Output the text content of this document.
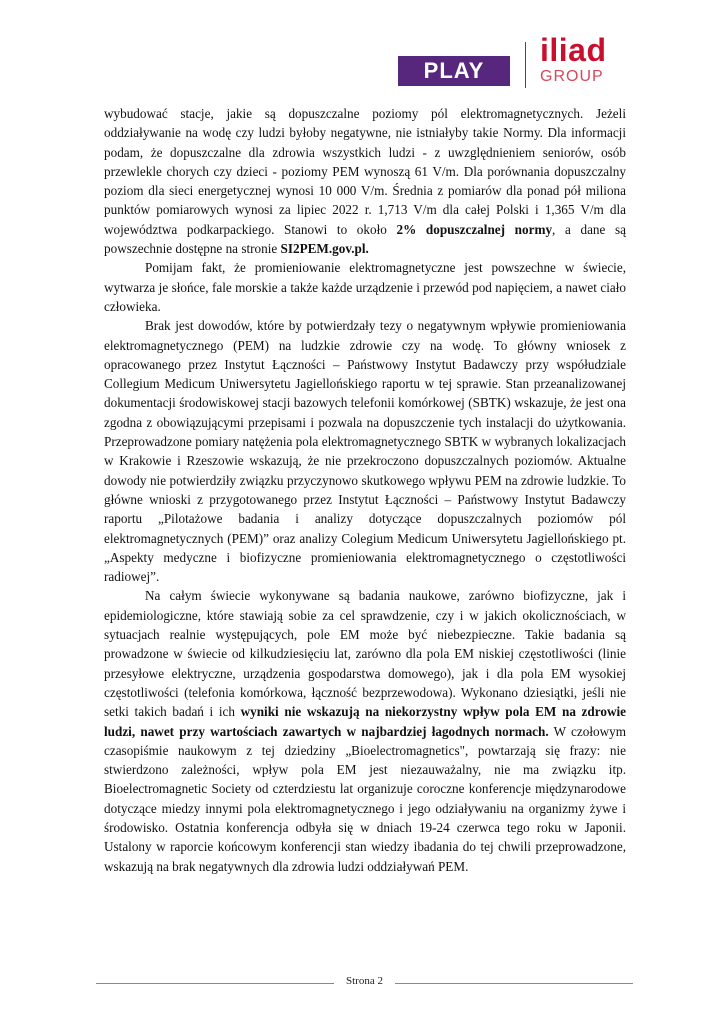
PLAY
iliad
GROUP

wybudować stacje, jakie są dopuszczalne poziomy pól elektromagnetycznych. Jeżeli oddziaływanie na wodę czy ludzi byłoby negatywne, nie istniałyby takie Normy. Dla informacji podam, że dopuszczalne dla zdrowia wszystkich ludzi - z uwzględnieniem seniorów, osób przewlekle chorych czy dzieci - poziomy PEM wynoszą 61 V/m. Dla porównania dopuszczalny poziom dla sieci energetycznej wynosi 10 000 V/m. Średnia z pomiarów dla ponad pół miliona punktów pomiarowych wynosi za lipiec 2022 r. 1,713 V/m dla całej Polski i 1,365 V/m dla województwa podkarpackiego. Stanowi to około 2% dopuszczalnej normy, a dane są powszechnie dostępne na stronie SI2PEM.gov.pl.

Pomijam fakt, że promieniowanie elektromagnetyczne jest powszechne w świecie, wytwarza je słońce, fale morskie a także każde urządzenie i przewód pod napięciem, a nawet ciało człowieka.

Brak jest dowodów, które by potwierdzały tezy o negatywnym wpływie promieniowania elektromagnetycznego (PEM) na ludzkie zdrowie czy na wodę. To główny wniosek z opracowanego przez Instytut Łączności – Państwowy Instytut Badawczy przy współudziale Collegium Medicum Uniwersytetu Jagiellońskiego raportu w tej sprawie. Stan przeanalizowanej dokumentacji środowiskowej stacji bazowych telefonii komórkowej (SBTK) wskazuje, że jest ona zgodna z obowiązującymi przepisami i pozwala na dopuszczenie tych instalacji do użytkowania. Przeprowadzone pomiary natężenia pola elektromagnetycznego SBTK w wybranych lokalizacjach w Krakowie i Rzeszowie wskazują, że nie przekroczono dopuszczalnych poziomów. Aktualne dowody nie potwierdziły związku przyczynowo skutkowego wpływu PEM na zdrowie ludzkie. To główne wnioski z przygotowanego przez Instytut Łączności – Państwowy Instytut Badawczy raportu „Pilotażowe badania i analizy dotyczące dopuszczalnych poziomów pól elektromagnetycznych (PEM)” oraz analizy Colegium Medicum Uniwersytetu Jagiellońskiego pt. „Aspekty medyczne i biofizyczne promieniowania elektromagnetycznego o częstotliwości radiowej”.

Na całym świecie wykonywane są badania naukowe, zarówno biofizyczne, jak i epidemiologiczne, które stawiają sobie za cel sprawdzenie, czy i w jakich okolicznościach, w sytuacjach realnie występujących, pole EM może być niebezpieczne. Takie badania są prowadzone w świecie od kilkudziesięciu lat, zarówno dla pola EM niskiej częstotliwości (linie przesyłowe elektryczne, urządzenia gospodarstwa domowego), jak i dla pola EM wysokiej częstotliwości (telefonia komórkowa, łączność bezprzewodowa). Wykonano dziesiątki, jeśli nie setki takich badań i ich wyniki nie wskazują na niekorzystny wpływ pola EM na zdrowie ludzi, nawet przy wartościach zawartych w najbardziej łagodnych normach. W czołowym czasopiśmie naukowym z tej dziedziny „Bioelectromagnetics", powtarzają się frazy: nie stwierdzono zależności, wpływ pola EM jest niezauważalny, nie ma związku itp. Bioelectromagnetic Society od czterdziestu lat organizuje coroczne konferencje międzynarodowe dotyczące miedzy innymi pola elektromagnetycznego i jego odziaływaniu na organizmy żywe i środowisko. Ostatnia konferencja odbyła się w dniach 19-24 czerwca tego roku w Japonii. Ustalony w raporcie końcowym konferencji stan wiedzy ibadania do tej chwili przeprowadzone, wskazują na brak negatywnych dla zdrowia ludzi oddziaływań PEM.

Strona 2
